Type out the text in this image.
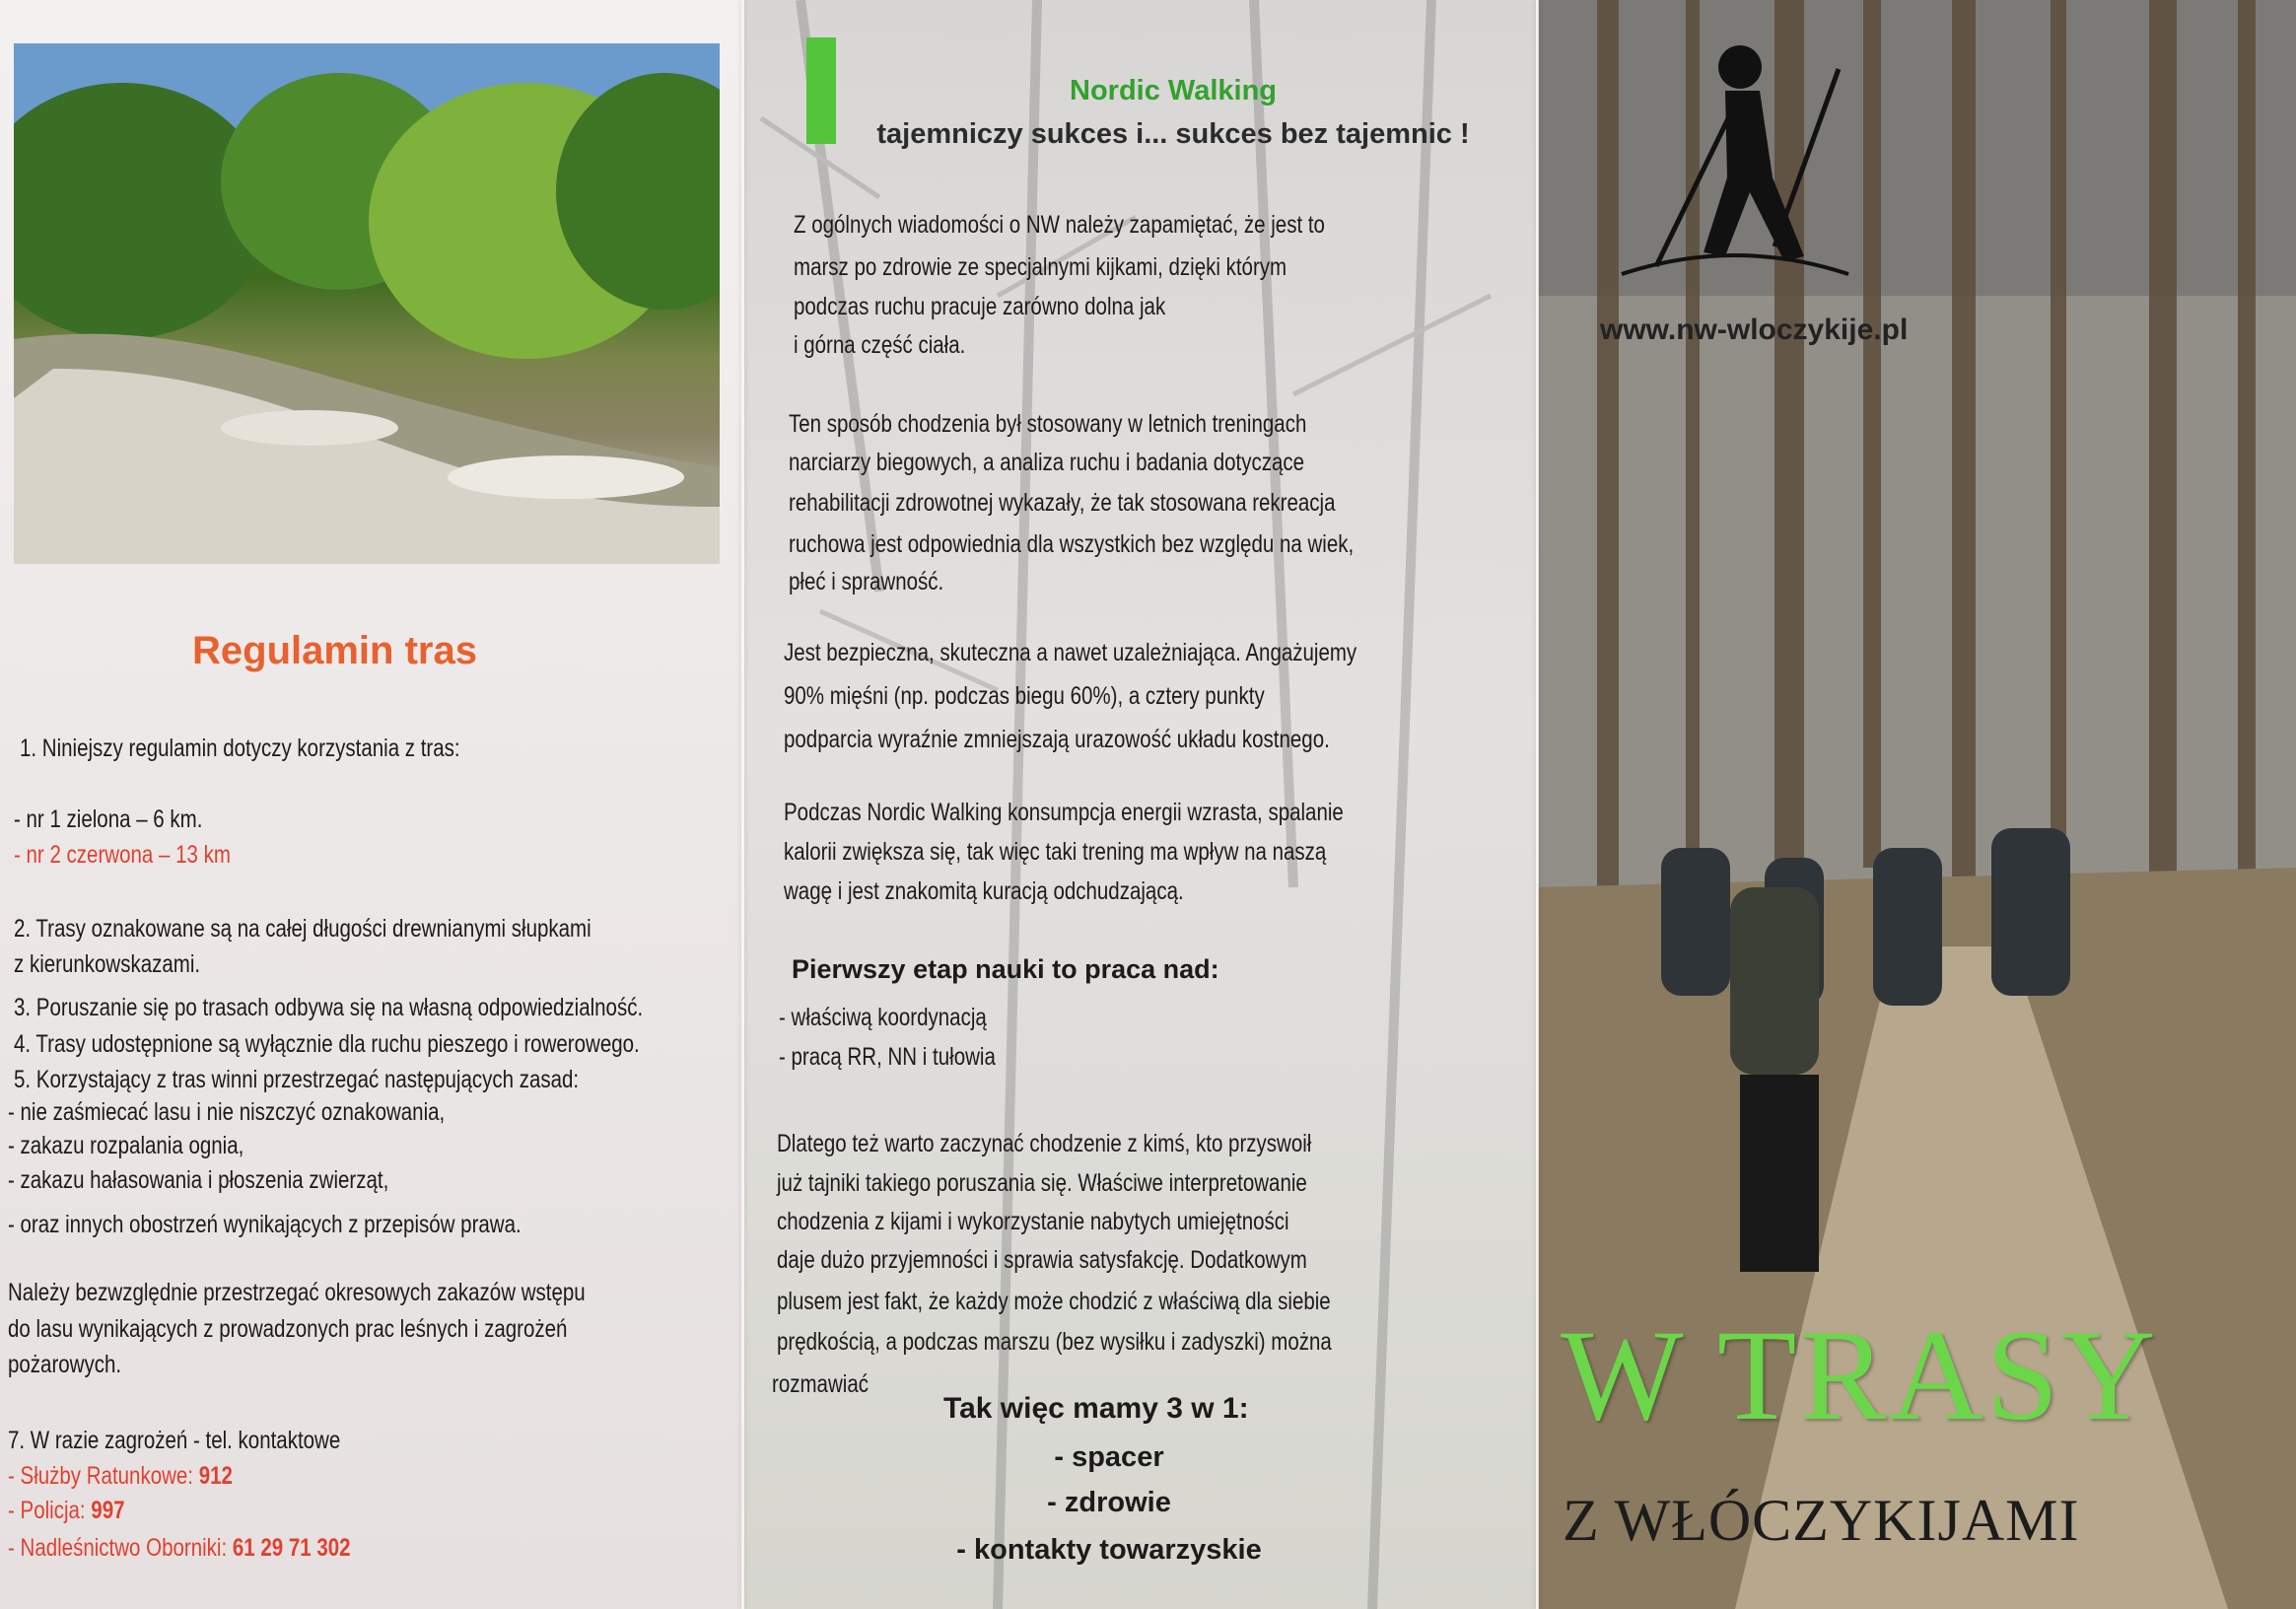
Regulamin tras
1. Niniejszy regulamin dotyczy korzystania z tras:
- nr 1 zielona – 6 km.
- nr 2 czerwona – 13 km
2. Trasy oznakowane są na całej długości drewnianymi słupkami
z kierunkowskazami.
3. Poruszanie się po trasach odbywa się na własną odpowiedzialność.
4. Trasy udostępnione są wyłącznie dla ruchu pieszego i rowerowego.
5. Korzystający z tras winni przestrzegać następujących zasad:
- nie zaśmiecać lasu i nie niszczyć oznakowania,
- zakazu rozpalania ognia,
- zakazu hałasowania i płoszenia zwierząt,
- oraz innych obostrzeń wynikających z przepisów prawa.
Należy bezwzględnie przestrzegać okresowych zakazów wstępu
do lasu wynikających z prowadzonych prac leśnych i zagrożeń
pożarowych.
7. W razie zagrożeń - tel. kontaktowe
- Służby Ratunkowe: 912
- Policja: 997
- Nadleśnictwo Oborniki: 61 29 71 302
Nordic Walking
tajemniczy sukces i... sukces bez tajemnic !
Z ogólnych wiadomości o NW należy zapamiętać, że jest to
marsz po zdrowie ze specjalnymi kijkami, dzięki którym
podczas ruchu pracuje zarówno dolna jak
i górna część ciała.
Ten sposób chodzenia był stosowany w letnich treningach
narciarzy biegowych, a analiza ruchu i badania dotyczące
rehabilitacji zdrowotnej wykazały, że tak stosowana rekreacja
ruchowa jest odpowiednia dla wszystkich bez względu na wiek,
płeć i sprawność.
Jest bezpieczna, skuteczna a nawet uzależniająca. Angażujemy
90% mięśni (np. podczas biegu 60%), a cztery punkty
podparcia wyraźnie zmniejszają urazowość układu kostnego.
Podczas Nordic Walking konsumpcja energii wzrasta, spalanie
kalorii zwiększa się, tak więc taki trening ma wpływ na naszą
wagę i jest znakomitą kuracją odchudzającą.
Pierwszy etap nauki to praca nad:
- właściwą koordynacją
- pracą RR, NN i tułowia
Dlatego też warto zaczynać chodzenie z kimś, kto przyswoił
już tajniki takiego poruszania się. Właściwe interpretowanie
chodzenia z kijami i wykorzystanie nabytych umiejętności
daje dużo przyjemności i sprawia satysfakcję. Dodatkowym
plusem jest fakt, że każdy może chodzić z właściwą dla siebie
prędkością, a podczas marszu (bez wysiłku i zadyszki) można
rozmawiać
Tak więc mamy 3 w 1:
- spacer
- zdrowie
- kontakty towarzyskie
www.nw-wloczykije.pl
W TRASY
Z WŁÓCZYKIJAMI
